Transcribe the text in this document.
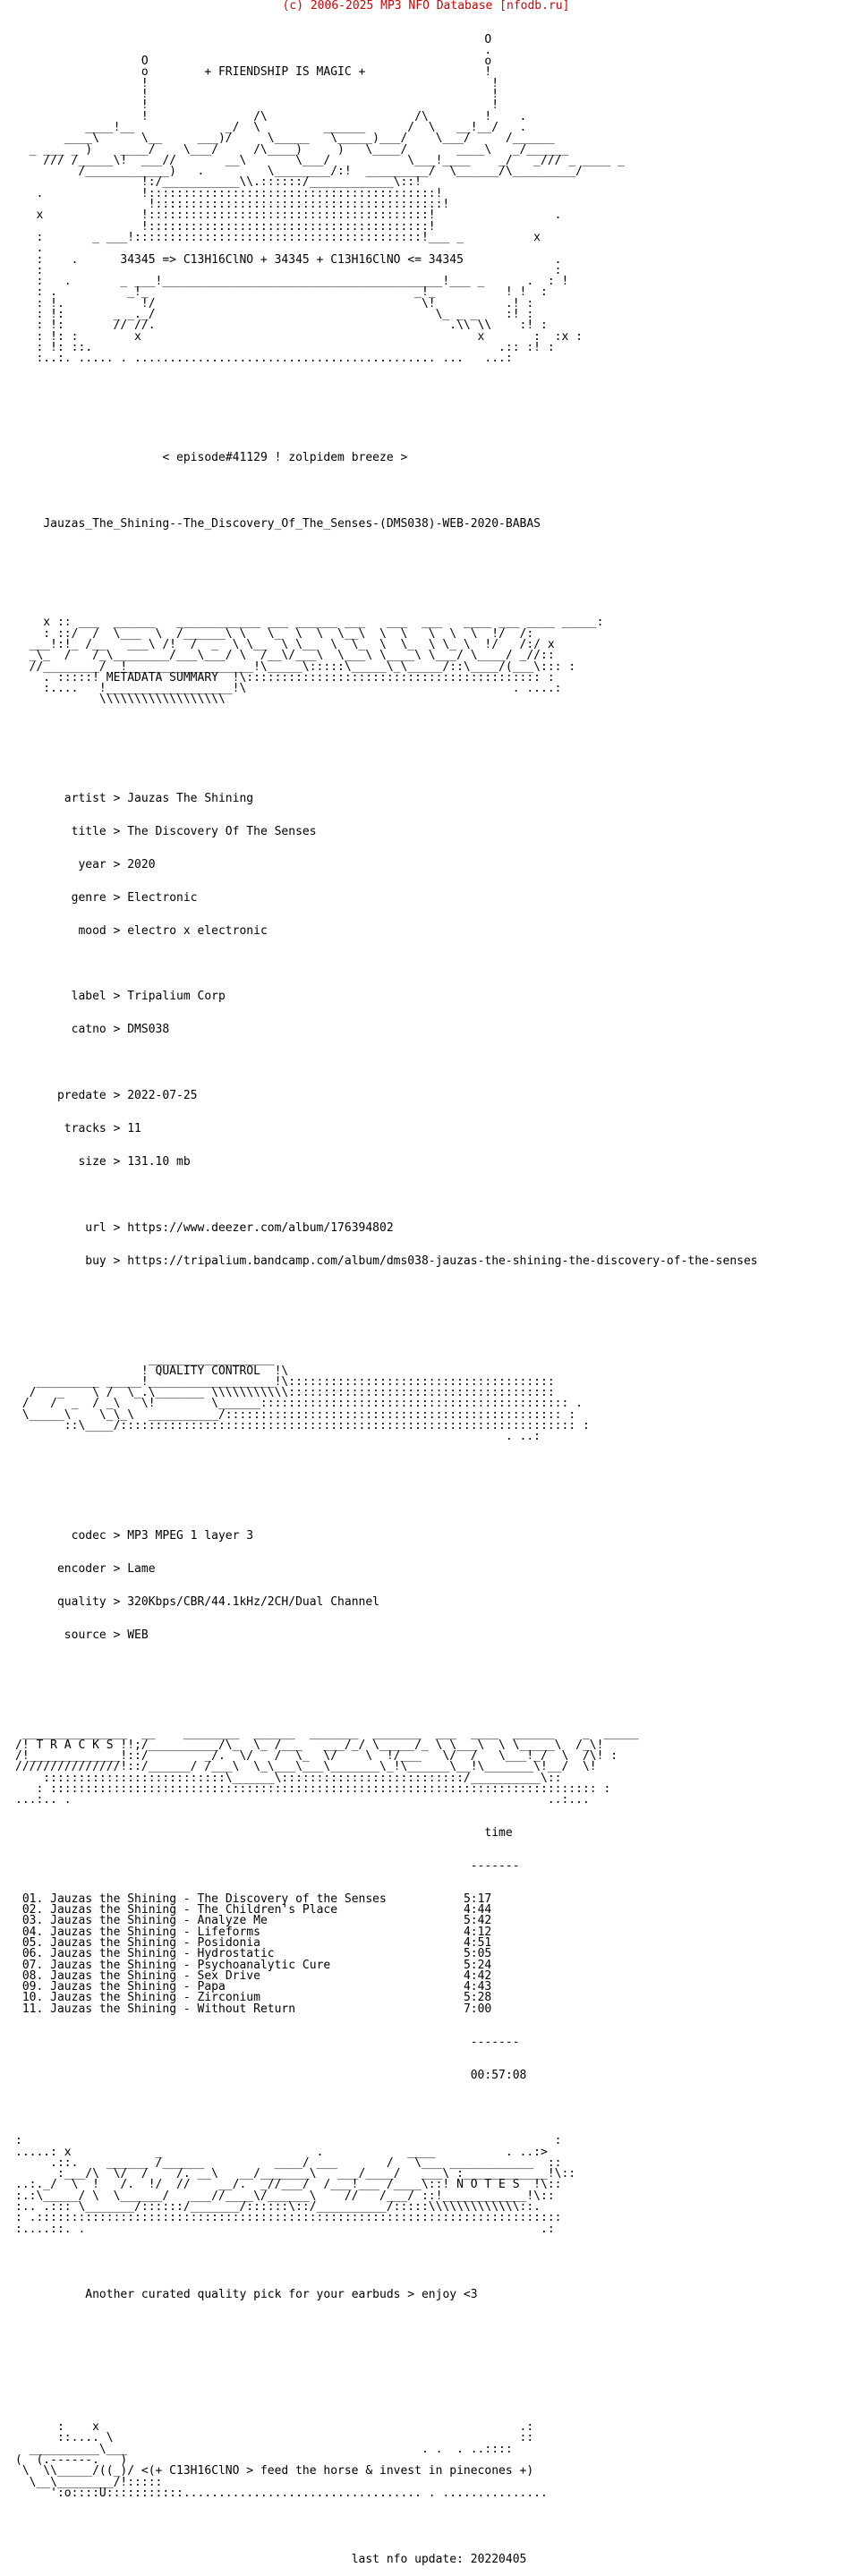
(c) 2006-2025 MP3 NFO Database [nfodb.ru]

O
.
O                                                o
o        + FRIENDSHIP IS MAGIC +                 !
!                                                 !
!                                                 !
!                                                 !
!               /\                     /\        !    .
____!__             _/  \         ______      /  \   __!__/   .
____\      \__     ___)/     \_____   \_____)___/    \___/     /______
_ ___ _ )    ____/    \___/     /\____)     )   \____/       ____\   _/______
/// /_____\!  ___//       __\       \___/           \___!____    _/   _/// _ ____ _
/____________)   .         \________/:!  _________/  \______/\_________/
!:/___________\\.::::::/____________\::!
.              !:::::::::::::::::::::::::::::::::::::::::!
!:::::::::::::::::::::::::::::::::::::::::!
x              !::::::::::::::::::::::::::::::::::::::::!                 .
!::::::::::::::::::::::::::::::::::::::::!
:       _ ___!:::::::::::::::::::::::::::::::::::::::::!___ _          x
.
:    .      34345 => C13H16ClNO + 34345 + C13H16ClNO <= 34345             .
:                                                                         :
:   .       _ ___!________________________________________!___ _      .  : !
: .          _!_                                      _!_          ! !  :
: !.           !/                                      \!          .! :
: !:       _ _._/                                        \_ _ _    :! :
: !:       // //.                                          .\\ \\    :! :
: !: :        x                                                x       :  :x :
: !: ::.                                                          .:: :! :
:..:. ..... . ........................................... ...   ...:

< episode#41129 ! zolpidem breeze >

Jauzas_The_Shining--The_Discovery_Of_The_Senses-(DMS038)-WEB-2020-BABAS

x :: ___  ______   ____________ ___ ______ ___   ___  ___   ____ ___ ____ _____:
: ::/  /  \___  \  /______\ \   \_  \  \  \__\  \  \   \  \  \  !/  /:
___!:!_ /__   ___\ /!  /  _  \ \__  \ \__  \  \_  \  \_  \ \_ \  !/   /:/ x
_\_  /   /_\________/___\___/ \  /__\/___\  \___\ \____\ \___/ \____/ _//::
//________/  !__________________!\_____\:::::\_____\_\_____/::\____/(___\::: :
. :::::! METADATA SUMMARY  !\:::::::::::::::::::::::::::::::::::::::::: :
:....   !__________________!\                                      . ....:
\\\\\\\\\\\\\\\\\\

artist > Jauzas The Shining

title > The Discovery Of The Senses

year > 2020

genre > Electronic

mood > electro x electronic

label > Tripalium Corp

catno > DMS038

predate > 2022-07-25

tracks > 11

size > 131.10 mb

url > https://www.deezer.com/album/176394802

buy > https://tripalium.bandcamp.com/album/dms038-jauzas-the-shining-the-discovery-of-the-senses

__________________
! QUALITY CONTROL  !\
_________ _____!__________________!\::::::::::::::::::::::::::::::::::::::
/   _    \ /  \_.\_______ \\\\\\\\\\\::::::::::::::::::::::::::::::::::::::
/   /  _  / _\   \!        \______:::::::::::::::::::::::::::::::::::::::::::: .
\_____\    \_\_\  __________/:::::::::::::::::::::::::::::::::::::::::::::::: :
::\____/::::::::::::::::::::::::::::::::::::::::::::::::::::::::::::::::: :
. ..:

codec > MP3 MPEG 1 layer 3

encoder > Lame

quality > 320Kbps/CBR/44.1kHz/2CH/Dual Channel

source > WEB

_______________  __    ________  ______  _______  _______  ___  ____  ______    _  _____
/! T R A C K S !!;/__________/\_  \_ /___   ___/_/ \_____/_ \ \___\  \ \_____\  /_\!
/!_____________!::/        _/.  \/   /  \_  \/    \  !/___   \/  /   \___!_/  \  /\! :
///////////////!::/______/ /___\  \_\___\___\_______\_!\______\__!\_______\!__/  \!
::::::::::::::::::::::::::\______\::::::::::::::::::::::::::/__________\::
: :::::::::::::::::::::::::::::::::::::::::::::::::::::::::::::::::::::::::::::: :
...:.. .                                                                    ..:...

time

-------

01. Jauzas the Shining - The Discovery of the Senses	5:17
02. Jauzas the Shining - The Children's Place	4:44
03. Jauzas the Shining - Analyze Me	5:42
04. Jauzas the Shining - Lifeforms	4:12
05. Jauzas the Shining - Posidonia	4:51
06. Jauzas the Shining - Hydrostatic	5:05
07. Jauzas the Shining - Psychoanalytic Cure	5:24
08. Jauzas the Shining - Sex Drive	4:42
09. Jauzas the Shining - Papa	4:43
10. Jauzas the Shining - Zirconium	5:28
11. Jauzas the Shining - Without Return	7:00

-------

00:57:08

:                                                                            :
.....: x            _                      .            ____          . ..:>
.::.    ______ /______          ____/ ___       /   \___ ____________  ::
:___/\  \/  /    /. __\   __/_______\   ___/____/   ___\ :____________!\::
..:._/  \  !   /.  !/  //    __/.  _//___/  /___!___ /____\::! N O T E S  !\::
:.:\_____/ \  \______/   ___//____\/______\    //   /___/ ::!____________!\::
:.. .::: \_______/::::::/_______/::::::\::/__________/:::::\\\\\\\\\\\\\::.
: .:::::::::::::::::::::::::::::::::::::::::::::::::::::::::::::::::::::::::::
:....::. .                                                                 .:

Another curated quality pick for your earbuds > enjoy <3

:    x                                                            .:
::.... \                                                          ::
__________\___                                          . .  . ..::::
(  (.------.   )
\  \\_____/((_)/ <(+ C13H16ClNO > feed the horse & invest in pinecones +)
\__\________/!:::::
':o::::U:::::::::::.................................. . ...............

last nfo update: 20220405
